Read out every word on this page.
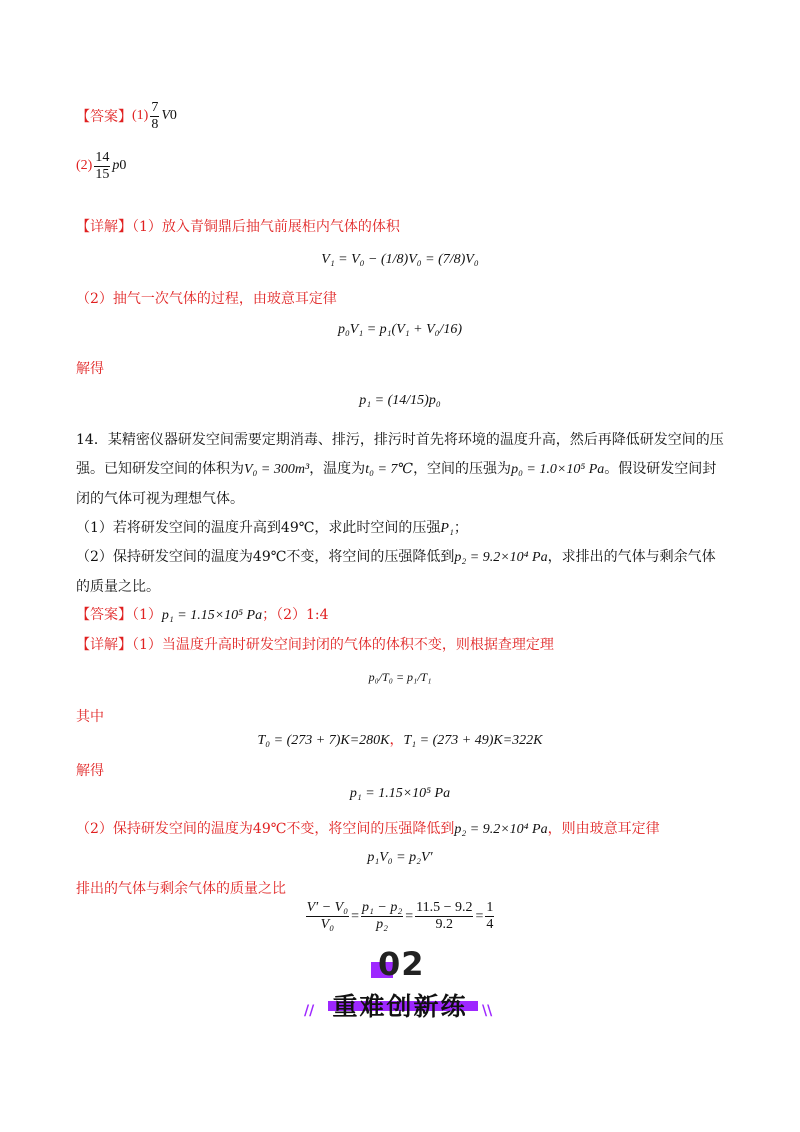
【答案】 $(1) \frac{7}{8}$ V 0
$(2) \frac{14}{15}$ p 0
【详解】（1）放入青铜鼎后抽气前展柜内气体的体积
V₁ = V₀ − (1/8)V₀ = (7/8)V₀
（2）抽气一次气体的过程，由玻意耳定律
p₀V₁ = p₁(V₁ + V₀/16)
解得
p₁ = (14/15)p₀
14．某精密仪器研发空间需要定期消毒、排污，排污时首先将环境的温度升高，然后再降低研发空间的压
强。已知研发空间的体积为V₀ = 300m³，温度为t₀ = 7℃，空间的压强为p₀ = 1.0×10⁵ Pa。假设研发空间封
闭的气体可视为理想气体。
（1）若将研发空间的温度升高到49℃，求此时空间的压强P₁；
（2）保持研发空间的温度为49℃不变，将空间的压强降低到p₂ = 9.2×10⁴ Pa，求排出的气体与剩余气体
的质量之比。
【答案】（1）p₁ = 1.15×10⁵ Pa；（2）1:4
【详解】（1）当温度升高时研发空间封闭的气体的体积不变，则根据查理定理
p₀/T₀ = p₁/T₁
其中
T₀ = (273 + 7)K=280K，T₁ = (273 + 49)K=322K
解得
p₁ = 1.15×10⁵ Pa
（2）保持研发空间的温度为49℃不变，将空间的压强降低到p₂ = 9.2×10⁴ Pa，则由玻意耳定律
p₁V₀ = p₂V′
排出的气体与剩余气体的质量之比
$\frac{\text{V′ − V₀}}{\text{V₀}} = \frac{\text{p₁ − p₂}}{\text{p₂}} = \frac{11.5 - 9.2}{9.2} = \frac{1}{4}$
02
重难创新练
//	\\
